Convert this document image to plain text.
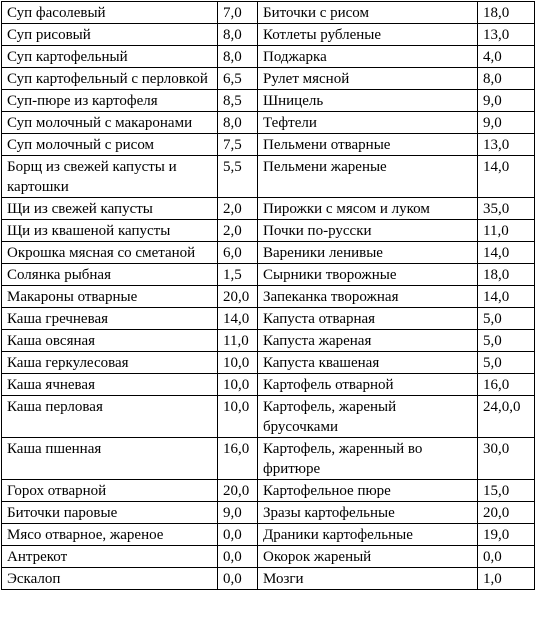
Суп фасолевый	7,0	Биточки с рисом	18,0
Суп рисовый	8,0	Котлеты рубленые	13,0
Суп картофельный	8,0	Поджарка	4,0
Суп картофельный с перловкой	6,5	Рулет мясной	8,0
Суп-пюре из картофеля	8,5	Шницель	9,0
Суп молочный с макаронами	8,0	Тефтели	9,0
Суп молочный с рисом	7,5	Пельмени отварные	13,0
Борщ из свежей капусты и картошки	5,5	Пельмени жареные	14,0
Щи из свежей капусты	2,0	Пирожки с мясом и луком	35,0
Щи из квашеной капусты	2,0	Почки по-русски	11,0
Окрошка мясная со сметаной	6,0	Вареники ленивые	14,0
Солянка рыбная	1,5	Сырники творожные	18,0
Макароны отварные	20,0	Запеканка творожная	14,0
Каша гречневая	14,0	Капуста отварная	5,0
Каша овсяная	11,0	Капуста жареная	5,0
Каша геркулесовая	10,0	Капуста квашеная	5,0
Каша ячневая	10,0	Картофель отварной	16,0
Каша перловая	10,0	Картофель, жареный брусочками	24,0,0
Каша пшенная	16,0	Картофель, жаренный во фритюре	30,0
Горох отварной	20,0	Картофельное пюре	15,0
Биточки паровые	9,0	Зразы картофельные	20,0
Мясо отварное, жареное	0,0	Драники картофельные	19,0
Антрекот	0,0	Окорок жареный	0,0
Эскалоп	0,0	Мозги	1,0
